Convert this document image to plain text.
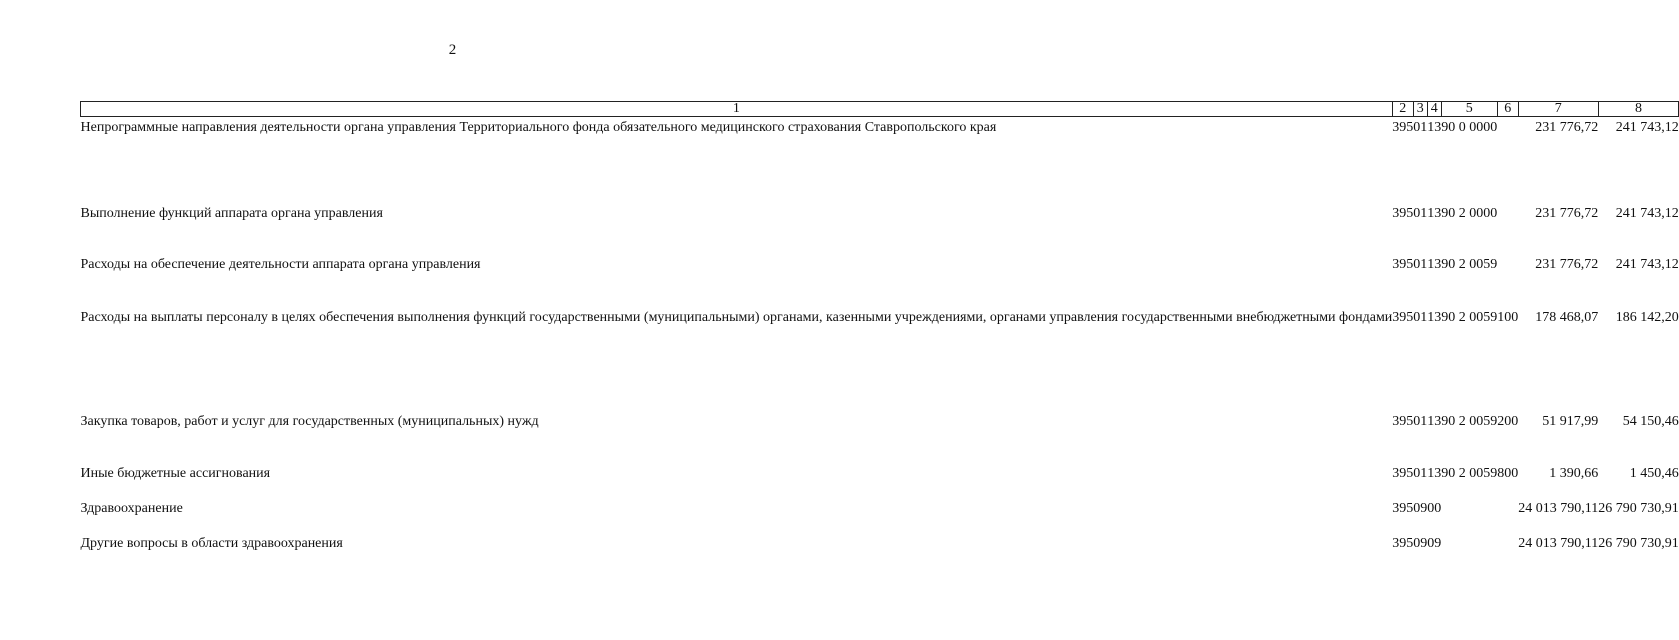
2
1	2	3	4	5	6	7	8
Непрограммные направления деятельности органа управления Территориального фонда обязательного медицинского страхования Ставропольского края	395	01	13	90 0 0000		231 776,72	241 743,12
Выполнение функций аппарата органа управления	395	01	13	90 2 0000		231 776,72	241 743,12
Расходы на обеспечение деятельности аппарата органа управления	395	01	13	90 2 0059		231 776,72	241 743,12
Расходы на выплаты персоналу в целях обеспечения выполнения функций государственными (муниципальными) органами, казенными учреждениями, органами управления государственными внебюджетными фондами	395	01	13	90 2 0059	100	178 468,07	186 142,20
Закупка товаров, работ и услуг для государственных (муниципальных) нужд	395	01	13	90 2 0059	200	51 917,99	54 150,46
Иные бюджетные ассигнования	395	01	13	90 2 0059	800	1 390,66	1 450,46
Здравоохранение	395	09	00			24 013 790,11	26 790 730,91
Другие вопросы в области здравоохранения	395	09	09			24 013 790,11	26 790 730,91
